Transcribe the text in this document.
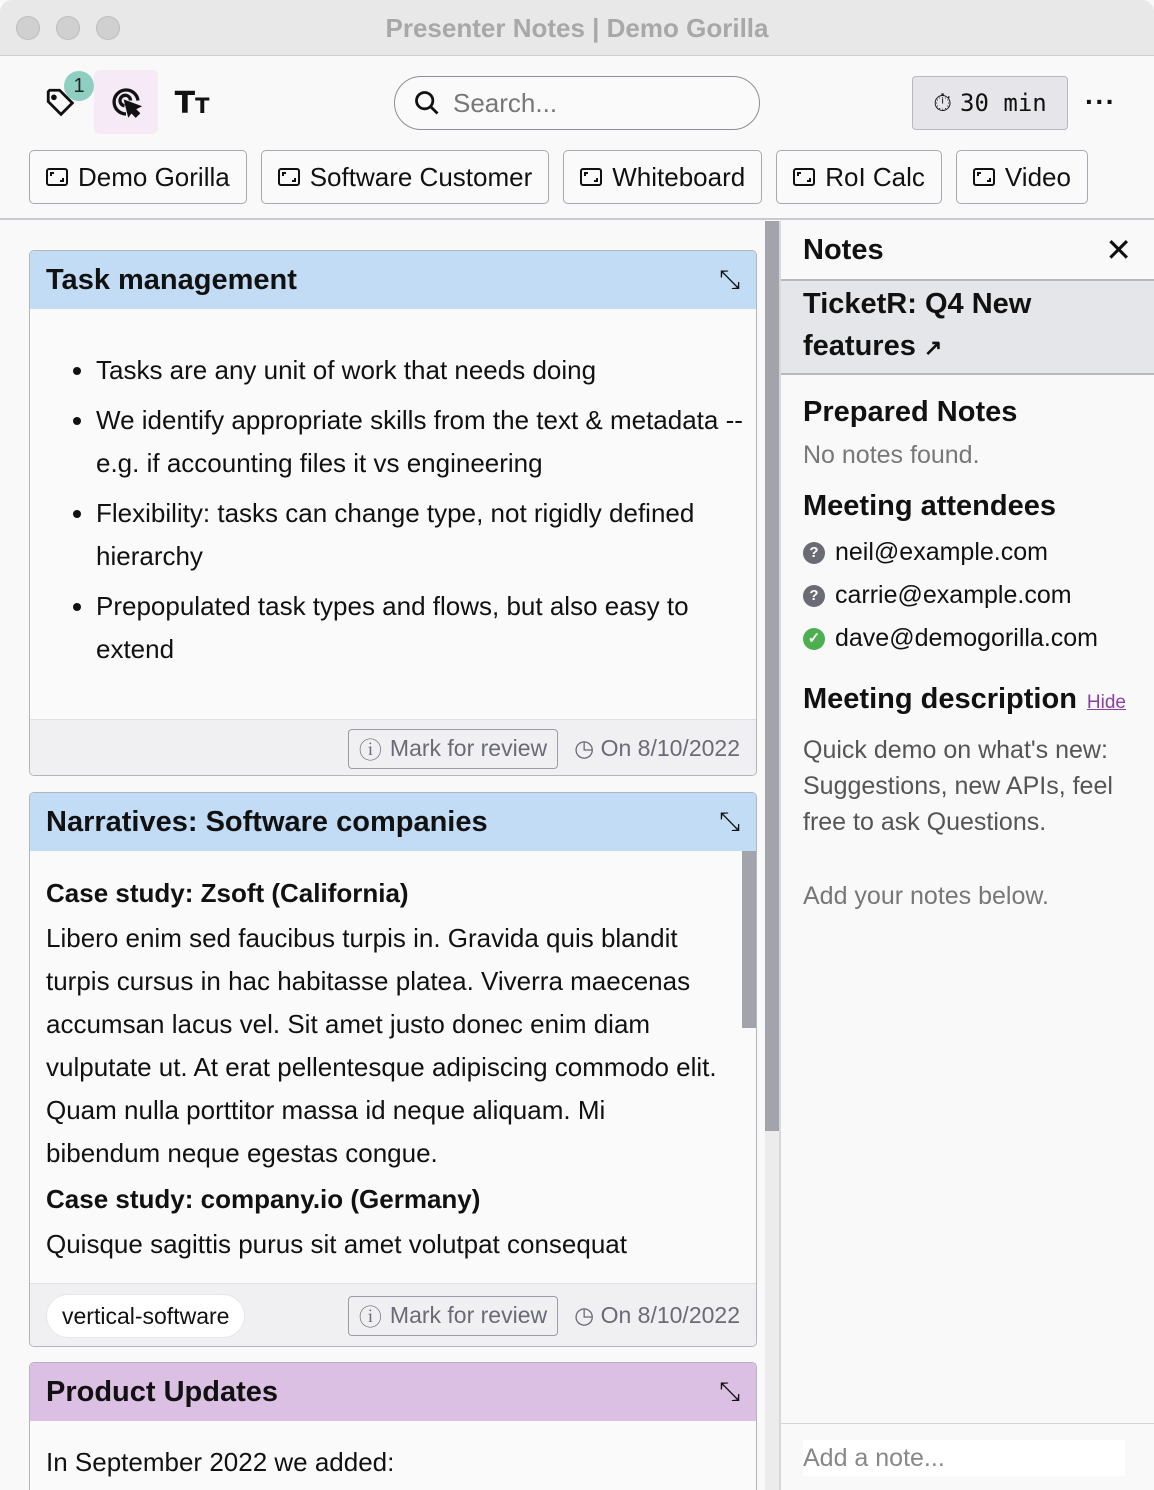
Presenter Notes | Demo Gorilla
1	TT
Search...	⏱ 30 min ···
Demo Gorilla	Software Customer	Whiteboard	RoI Calc	Video
Task management	⤡
• Tasks are any unit of work that needs doing
• We identify appropriate skills from the text & metadata -- e.g. if accounting files it vs engineering
• Flexibility: tasks can change type, not rigidly defined hierarchy
• Prepopulated task types and flows, but also easy to extend
ⓘ Mark for review ◷ On 8/10/2022
Narratives: Software companies	⤡
Case study: Zsoft (California)

Libero enim sed faucibus turpis in. Gravida quis blandit turpis cursus in hac habitasse platea. Viverra maecenas accumsan lacus vel. Sit amet justo donec enim diam vulputate ut. At erat pellentesque adipiscing commodo elit. Quam nulla porttitor massa id neque aliquam. Mi bibendum neque egestas congue.

Case study: company.io (Germany)

Quisque sagittis purus sit amet volutpat consequat

vertical-software	ⓘ Mark for review ◷ On 8/10/2022
Product Updates	⤡

In September 2022 we added:

Notes	✕
TicketR: Q4 New features ↗
Prepared Notes

No notes found.

Meeting attendees
? neil@example.com
? carrie@example.com
✓ dave@demogorilla.com
Meeting description Hide

Quick demo on what's new: Suggestions, new APIs, feel free to ask Questions.

Add your notes below.

Add a note...
